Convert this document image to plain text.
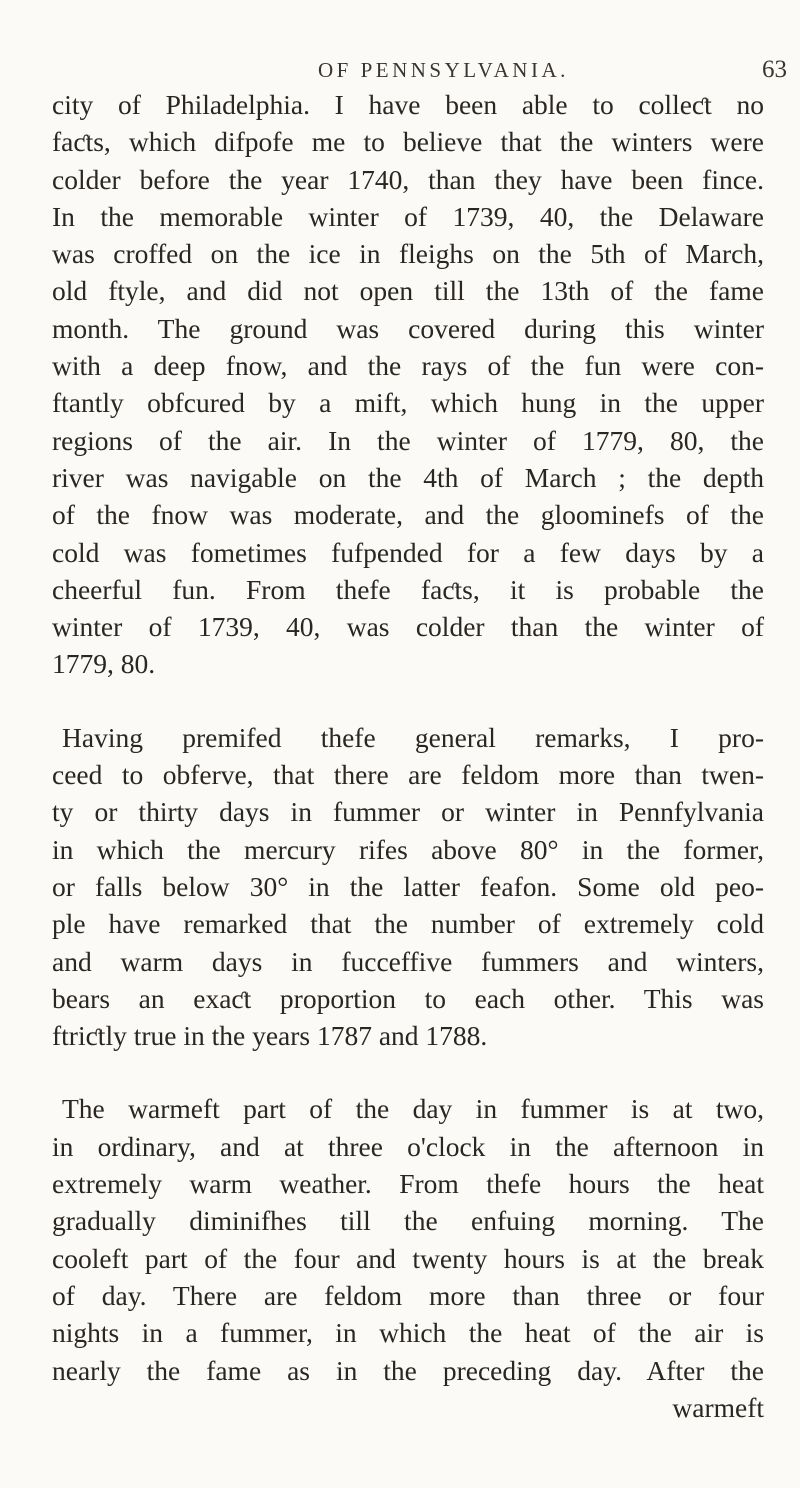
OF PENNSYLVANIA.	63
city of Philadelphia. I have been able to colleƈt no
faƈts, which difpofe me to believe that the winters were
colder before the year 1740, than they have been fince.
In the memorable winter of 1739, 40, the Delaware
was croffed on the ice in fleighs on the 5th of March,
old ftyle, and did not open till the 13th of the fame
month. The ground was covered during this winter
with a deep fnow, and the rays of the fun were con-
ftantly obfcured by a mift, which hung in the upper
regions of the air. In the winter of 1779, 80, the
river was navigable on the 4th of March ; the depth
of the fnow was moderate, and the gloominefs of the
cold was fometimes fufpended for a few days by a
cheerful fun. From thefe faƈts, it is probable the
winter of 1739, 40, was colder than the winter of
1779, 80.
Having premifed thefe general remarks, I pro-
ceed to obferve, that there are feldom more than twen-
ty or thirty days in fummer or winter in Pennfylvania
in which the mercury rifes above 80° in the former,
or falls below 30° in the latter feafon. Some old peo-
ple have remarked that the number of extremely cold
and warm days in fucceffive fummers and winters,
bears an exaƈt proportion to each other. This was
ftriƈtly true in the years 1787 and 1788.
The warmeft part of the day in fummer is at two,
in ordinary, and at three o'clock in the afternoon in
extremely warm weather. From thefe hours the heat
gradually diminifhes till the enfuing morning. The
cooleft part of the four and twenty hours is at the break
of day. There are feldom more than three or four
nights in a fummer, in which the heat of the air is
nearly the fame as in the preceding day. After the
warmeft
